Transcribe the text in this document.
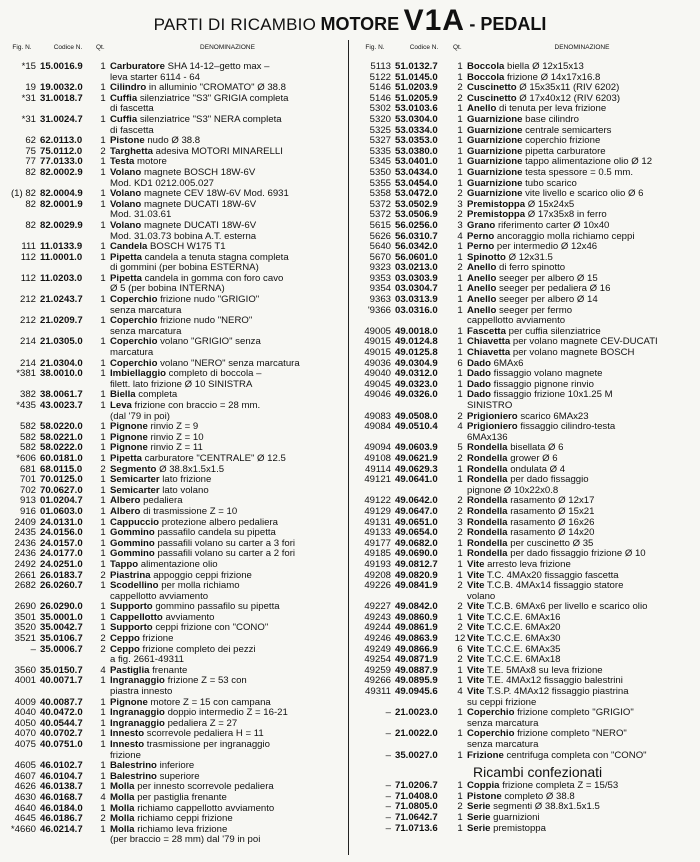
PARTI DI RICAMBIO MOTORE V1A - PEDALI
Fig. N.	Codice N.	Qt.	DENOMINAZIONE
*15 15.0016.9	1 Carburatore SHA 14-12–getto max –
leva starter 6114 - 64
19 19.0032.0	1 Cilindro in alluminio "CROMATO" Ø 38.8
*31 31.0018.7	1 Cuffia silenziatrice "S3" GRIGIA completa
di fascetta
*31 31.0024.7	1 Cuffia silenziatrice "S3" NERA completa
di fascetta
62 62.0113.0	1 Pistone nudo Ø 38.8
75 75.0112.0	2 Targhetta adesiva MOTORI MINARELLI
77 77.0133.0	1 Testa motore
82 82.0002.9	1 Volano magnete BOSCH 18W-6V
Mod. KD1 0212.005.027
(1) 82 82.0004.9	1 Volano magnete CEV 18W-6V Mod. 6931
82 82.0001.9	1 Volano magnete DUCATI 18W-6V
Mod. 31.03.61
82 82.0029.9	1 Volano magnete DUCATI 18W-6V
Mod. 31.03.73 bobina A.T. esterna
111 11.0133.9	1 Candela BOSCH W175 T1
112 11.0001.0	1 Pipetta candela a tenuta stagna completa
di gommini (per bobina ESTERNA)
112 11.0203.0	1 Pipetta candela in gomma con foro cavo
Ø 5 (per bobina INTERNA)
212 21.0243.7	1 Coperchio frizione nudo "GRIGIO"
senza marcatura
212 21.0209.7	1 Coperchio frizione nudo "NERO"
senza marcatura
214 21.0305.0	1 Coperchio volano "GRIGIO" senza
marcatura
214 21.0304.0	1 Coperchio volano "NERO" senza marcatura
*381 38.0010.0	1 Imbiellaggio completo di boccola –
filett. lato frizione Ø 10 SINISTRA
382 38.0061.7	1 Biella completa
*435 43.0023.7	1 Leva frizione con braccio = 28 mm.
(dal '79 in poi)
582 58.0220.0	1 Pignone rinvio Z = 9
582 58.0221.0	1 Pignone rinvio Z = 10
582 58.0222.0	1 Pignone rinvio Z = 11
*606 60.0181.0	1 Pipetta carburatore "CENTRALE" Ø 12.5
681 68.0115.0	2 Segmento Ø 38.8x1.5x1.5
701 70.0125.0	1 Semicarter lato frizione
702 70.0627.0	1 Semicarter lato volano
913 01.0204.7	1 Albero pedaliera
916 01.0603.0	1 Albero di trasmissione Z = 10
2409 24.0131.0	1 Cappuccio protezione albero pedaliera
2435 24.0156.0	1 Gommino passafilo candela su pipetta
2436 24.0157.0	1 Gommino passafili volano su carter a 3 fori
2436 24.0177.0	1 Gommino passafili volano su carter a 2 fori
2492 24.0251.0	1 Tappo alimentazione olio
2661 26.0183.7	2 Piastrina appoggio ceppi frizione
2682 26.0260.7	1 Scodellino per molla richiamo
cappellotto avviamento
2690 26.0290.0	1 Supporto gommino passafilo su pipetta
3501 35.0001.0	1 Cappellotto avviamento
3520 35.0042.7	1 Supporto ceppi frizione con "CONO"
3521 35.0106.7	2 Ceppo frizione
– 35.0006.7	2 Ceppo frizione completo dei pezzi
a fig. 2661-49311
3560 35.0150.7	4 Pastiglia frenante
4001 40.0071.7	1 Ingranaggio frizione Z = 53 con
piastra innesto
4009 40.0087.7	1 Pignone motore Z = 15 con campana
4040 40.0472.0	1 Ingranaggio doppio intermedio Z = 16-21
4050 40.0544.7	1 Ingranaggio pedaliera Z = 27
4070 40.0702.7	1 Innesto scorrevole pedaliera H = 11
4075 40.0751.0	1 Innesto trasmissione per ingranaggio
frizione
4605 46.0102.7	1 Balestrino inferiore
4607 46.0104.7	1 Balestrino superiore
4626 46.0138.7	1 Molla per innesto scorrevole pedaliera
4630 46.0168.7	4 Molla per pastiglia frenante
4640 46.0184.0	1 Molla richiamo cappellotto avviamento
4645 46.0186.7	2 Molla richiamo ceppi frizione
*4660 46.0214.7	1 Molla richiamo leva frizione
(per braccio = 28 mm) dal '79 in poi
Fig. N.	Codice N.	Qt.	DENOMINAZIONE
5113 51.0132.7	1 Boccola biella Ø 12x15x13
5122 51.0145.0	1 Boccola frizione Ø 14x17x16.8
5146 51.0203.9	2 Cuscinetto Ø 15x35x11 (RIV 6202)
5146 51.0205.9	2 Cuscinetto Ø 17x40x12 (RIV 6203)
5302 53.0103.6	1 Anello di tenuta per leva frizione
5320 53.0304.0	1 Guarnizione base cilindro
5325 53.0334.0	1 Guarnizione centrale semicarters
5327 53.0353.0	1 Guarnizione coperchio frizione
5335 53.0380.0	1 Guarnizione pipetta carburatore
5345 53.0401.0	1 Guarnizione tappo alimentazione olio Ø 12
5350 53.0434.0	1 Guarnizione testa spessore = 0.5 mm.
5355 53.0454.0	1 Guarnizione tubo scarico
5358 53.0472.0	2 Guarnizione vite livello e scarico olio Ø 6
5372 53.0502.9	3 Premistoppa Ø 15x24x5
5372 53.0506.9	2 Premistoppa Ø 17x35x8 in ferro
5615 56.0256.0	3 Grano riferimento carter Ø 10x40
5626 56.0310.7	4 Perno ancoraggio molla richiamo ceppi
5640 56.0342.0	1 Perno per intermedio Ø 12x46
5670 56.0601.0	1 Spinotto Ø 12x31.5
9323 03.0213.0	2 Anello di ferro spinotto
9353 03.0303.9	1 Anello seeger per albero Ø 15
9354 03.0304.7	1 Anello seeger per pedaliera Ø 16
9363 03.0313.9	1 Anello seeger per albero Ø 14
'9366 03.0316.0	1 Anello seeger per fermo
cappellotto avviamento
49005 49.0018.0	1 Fascetta per cuffia silenziatrice
49015 49.0124.8	1 Chiavetta per volano magnete CEV-DUCATI
49015 49.0125.8	1 Chiavetta per volano magnete BOSCH
49036 49.0304.9	6 Dado 6MAx6
49040 49.0312.0	1 Dado fissaggio volano magnete
49045 49.0323.0	1 Dado fissaggio pignone rinvio
49046 49.0326.0	1 Dado fissaggio frizione 10x1.25 M
SINISTRO
49083 49.0508.0	2 Prigioniero scarico 6MAx23
49084 49.0510.4	4 Prigioniero fissaggio cilindro-testa
6MAx136
49094 49.0603.9	5 Rondella bisellata Ø 6
49108 49.0621.9	2 Rondella grower Ø 6
49114 49.0629.3	1 Rondella ondulata Ø 4
49121 49.0641.0	1 Rondella per dado fissaggio
pignone Ø 10x22x0.8
49122 49.0642.0	2 Rondella rasamento Ø 12x17
49129 49.0647.0	2 Rondella rasamento Ø 15x21
49131 49.0651.0	3 Rondella rasamento Ø 16x26
49133 49.0654.0	2 Rondella rasamento Ø 14x20
49177 49.0682.0	1 Rondella per cuscinetto Ø 35
49185 49.0690.0	1 Rondella per dado fissaggio frizione Ø 10
49193 49.0812.7	1 Vite arresto leva frizione
49208 49.0820.9	1 Vite T.C. 4MAx20 fissaggio fascetta
49226 49.0841.9	2 Vite T.C.B. 4MAx14 fissaggio statore
volano
49227 49.0842.0	2 Vite T.C.B. 6MAx6 per livello e scarico olio
49243 49.0860.9	1 Vite T.C.C.E. 6MAx16
49244 49.0861.9	2 Vite T.C.C.E. 6MAx20
49246 49.0863.9	12 Vite T.C.C.E. 6MAx30
49249 49.0866.9	6 Vite T.C.C.E. 6MAx35
49254 49.0871.9	2 Vite T.C.C.E. 6MAx18
49259 49.0887.9	1 Vite T.E. 5MAx8 su leva frizione
49266 49.0895.9	1 Vite T.E. 4MAx12 fissaggio balestrini
49311 49.0945.6	4 Vite T.S.P. 4MAx12 fissaggio piastrina
su ceppi frizione
– 21.0023.0	1 Coperchio frizione completo "GRIGIO"
senza marcatura
– 21.0022.0	1 Coperchio frizione completo "NERO"
senza marcatura
– 35.0027.0	1 Frizione centrifuga completa con "CONO"
Ricambi confezionati
– 71.0206.7	1 Coppia frizione completa Z = 15/53
– 71.0408.0	1 Pistone completo Ø 38.8
– 71.0805.0	2 Serie segmenti Ø 38.8x1.5x1.5
– 71.0642.7	1 Serie guarnizioni
– 71.0713.6	1 Serie premistoppa
